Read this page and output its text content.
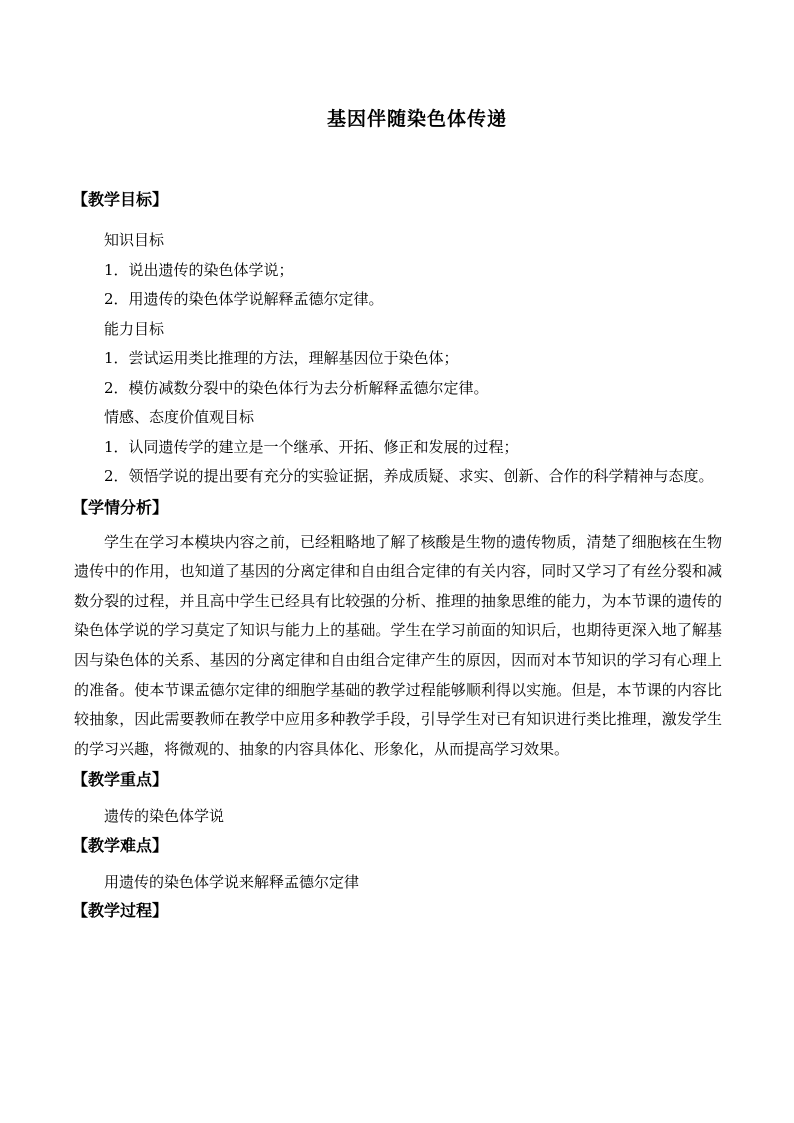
基因伴随染色体传递

【教学目标】

知识目标

1．说出遗传的染色体学说；

2．用遗传的染色体学说解释孟德尔定律。

能力目标

1．尝试运用类比推理的方法，理解基因位于染色体；

2．模仿减数分裂中的染色体行为去分析解释孟德尔定律。

情感、态度价值观目标

1．认同遗传学的建立是一个继承、开拓、修正和发展的过程；

2．领悟学说的提出要有充分的实验证据，养成质疑、求实、创新、合作的科学精神与态度。

【学情分析】

学生在学习本模块内容之前，已经粗略地了解了核酸是生物的遗传物质，清楚了细胞核在生物遗传中的作用，也知道了基因的分离定律和自由组合定律的有关内容，同时又学习了有丝分裂和减数分裂的过程，并且高中学生已经具有比较强的分析、推理的抽象思维的能力，为本节课的遗传的染色体学说的学习莫定了知识与能力上的基础。学生在学习前面的知识后，也期待更深入地了解基因与染色体的关系、基因的分离定律和自由组合定律产生的原因，因而对本节知识的学习有心理上的准备。使本节课孟德尔定律的细胞学基础的教学过程能够顺利得以实施。但是，本节课的内容比较抽象，因此需要教师在教学中应用多种教学手段，引导学生对已有知识进行类比推理，激发学生的学习兴趣，将微观的、抽象的内容具体化、形象化，从而提高学习效果。

【教学重点】

遗传的染色体学说

【教学难点】

用遗传的染色体学说来解释孟德尔定律

【教学过程】
